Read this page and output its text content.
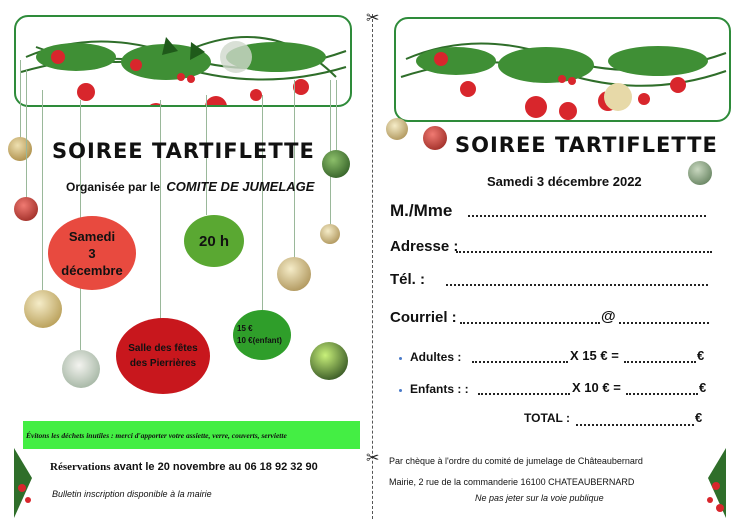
✂
✂
SOIREE TARTIFLETTE
Organisée par le COMITE DE JUMELAGE
Samedi
3
décembre
20 h
15 €
10 €(enfant)
Salle des fêtes
des Pierrières
Évitons les déchets inutiles : merci d'apporter votre assiette, verre, couverts, serviette
Réservations avant le 20 novembre au 06 18 92 32 90
Bulletin inscription disponible à la mairie
SOIREE TARTIFLETTE
Samedi 3 décembre 2022
M./Mme
Adresse :
Tél. :
Courriel :	@
Adultes :	X 15 € =	€
Enfants : :	X 10 € =	€
TOTAL :	€
Par chèque à l'ordre du comité de jumelage de Châteaubernard
Mairie, 2 rue de la commanderie 16100 CHATEAUBERNARD
Ne pas jeter sur la voie publique
